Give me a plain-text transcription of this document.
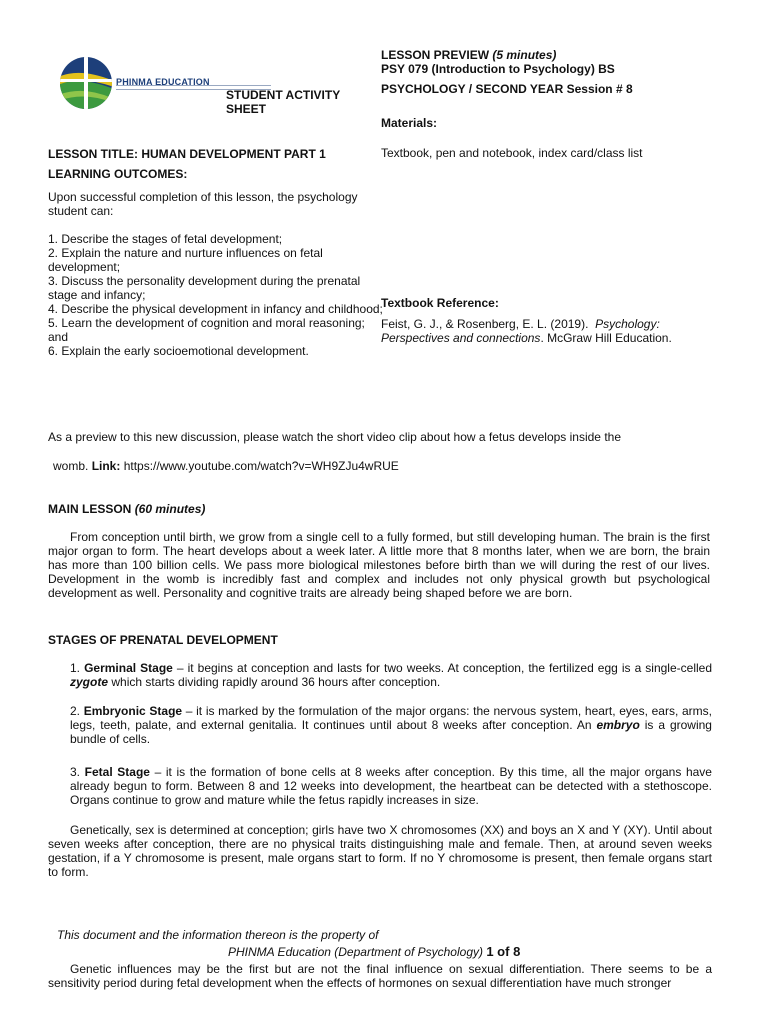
PHINMA EDUCATION
STUDENT ACTIVITY SHEET
LESSON PREVIEW (5 minutes)
PSY 079 (Introduction to Psychology) BS
PSYCHOLOGY / SECOND YEAR Session # 8
Materials:
LESSON TITLE: HUMAN DEVELOPMENT PART 1
LEARNING OUTCOMES:
Textbook, pen and notebook, index card/class list
Upon successful completion of this lesson, the psychology student can:
1. Describe the stages of fetal development;
2. Explain the nature and nurture influences on fetal development;
3. Discuss the personality development during the prenatal stage and infancy;
4. Describe the physical development in infancy and childhood;
5. Learn the development of cognition and moral reasoning; and
6. Explain the early socioemotional development.
Textbook Reference:
Feist, G. J., & Rosenberg, E. L. (2019). Psychology: Perspectives and connections. McGraw Hill Education.
As a preview to this new discussion, please watch the short video clip about how a fetus develops inside the
womb. Link: https://www.youtube.com/watch?v=WH9ZJu4wRUE
MAIN LESSON (60 minutes)
From conception until birth, we grow from a single cell to a fully formed, but still developing human. The brain is the first major organ to form. The heart develops about a week later. A little more that 8 months later, when we are born, the brain has more than 100 billion cells. We pass more biological milestones before birth than we will during the rest of our lives. Development in the womb is incredibly fast and complex and includes not only physical growth but psychological development as well. Personality and cognitive traits are already being shaped before we are born.
STAGES OF PRENATAL DEVELOPMENT
1. Germinal Stage – it begins at conception and lasts for two weeks. At conception, the fertilized egg is a single-celled zygote which starts dividing rapidly around 36 hours after conception.
2. Embryonic Stage – it is marked by the formulation of the major organs: the nervous system, heart, eyes, ears, arms, legs, teeth, palate, and external genitalia. It continues until about 8 weeks after conception. An embryo is a growing bundle of cells.
3. Fetal Stage – it is the formation of bone cells at 8 weeks after conception. By this time, all the major organs have already begun to form. Between 8 and 12 weeks into development, the heartbeat can be detected with a stethoscope. Organs continue to grow and mature while the fetus rapidly increases in size.
Genetically, sex is determined at conception; girls have two X chromosomes (XX) and boys an X and Y (XY). Until about seven weeks after conception, there are no physical traits distinguishing male and female. Then, at around seven weeks gestation, if a Y chromosome is present, male organs start to form. If no Y chromosome is present, then female organs start to form.
This document and the information thereon is the property of
PHINMA Education (Department of Psychology) 1 of 8
Genetic influences may be the first but are not the final influence on sexual differentiation. There seems to be a sensitivity period during fetal development when the effects of hormones on sexual differentiation have much stronger
